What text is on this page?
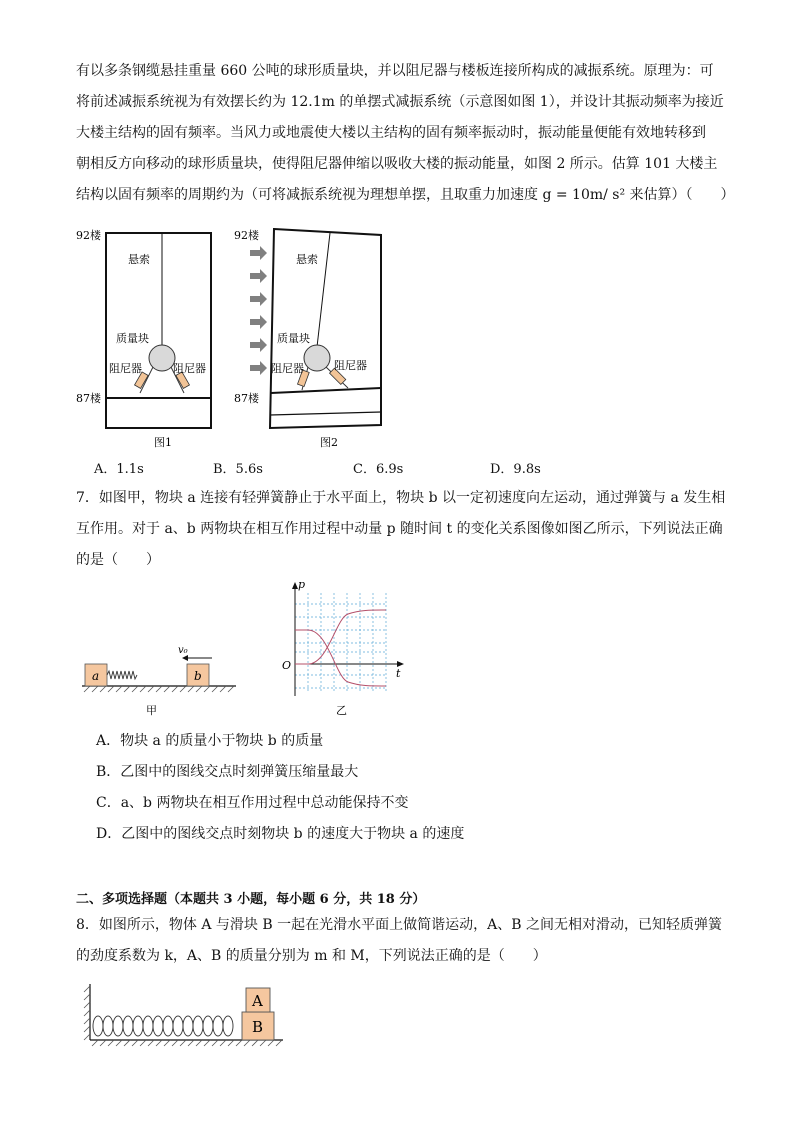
有以多条钢缆悬挂重量 660 公吨的球形质量块，并以阻尼器与楼板连接所构成的减振系统。原理为：可
将前述减振系统视为有效摆长约为 12.1m 的单摆式减振系统（示意图如图 1），并设计其振动频率为接近
大楼主结构的固有频率。当风力或地震使大楼以主结构的固有频率振动时，振动能量便能有效地转移到
朝相反方向移动的球形质量块，使得阻尼器伸缩以吸收大楼的振动能量，如图 2 所示。估算 101 大楼主
结构以固有频率的周期约为（可将减振系统视为理想单摆，且取重力加速度 g = 10m/ s² 来估算）（　　）
92楼
87楼
悬索
质量块
阻尼器	阻尼器
图1
92楼
87楼
悬索
质量块
阻尼器	阻尼器
图2
A．1.1s	B．5.6s	C．6.9s	D．9.8s
7．如图甲，物块 a 连接有轻弹簧静止于水平面上，物块 b 以一定初速度向左运动，通过弹簧与 a 发生相
互作用。对于 a、b 两物块在相互作用过程中动量 p 随时间 t 的变化关系图像如图乙所示，下列说法正确
的是（　　）
a	b
v₀
甲
p
t
O
乙
A．物块 a 的质量小于物块 b 的质量
B．乙图中的图线交点时刻弹簧压缩量最大
C．a、b 两物块在相互作用过程中总动能保持不变
D．乙图中的图线交点时刻物块 b 的速度大于物块 a 的速度
二、多项选择题（本题共 3 小题，每小题 6 分，共 18 分）
8．如图所示，物体 A 与滑块 B 一起在光滑水平面上做简谐运动，A、B 之间无相对滑动，已知轻质弹簧
的劲度系数为 k，A、B 的质量分别为 m 和 M，下列说法正确的是（　　）
B
A
